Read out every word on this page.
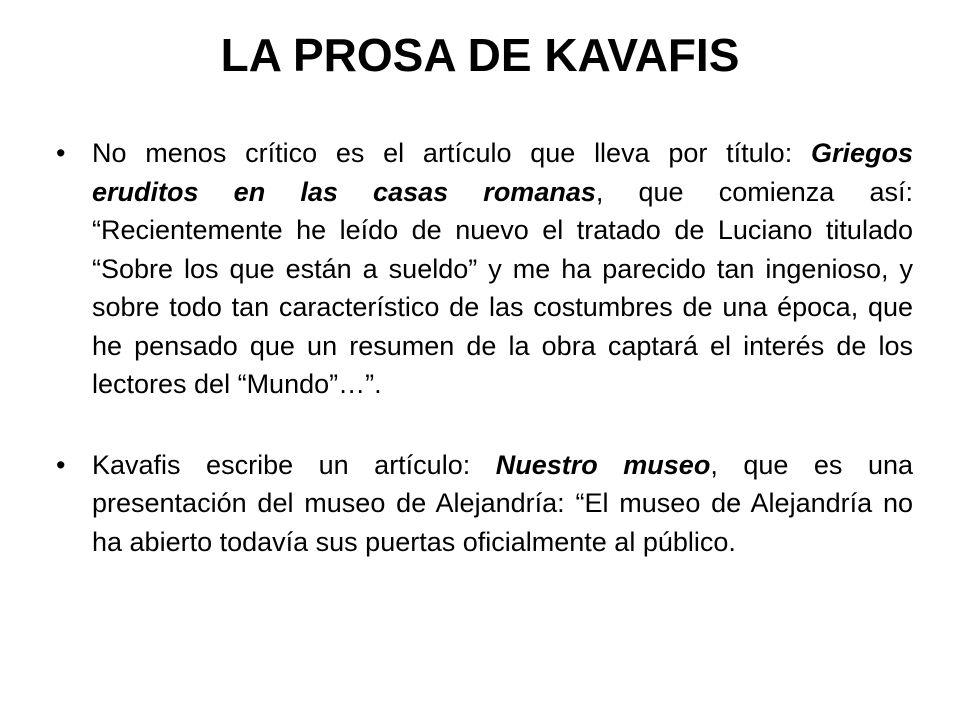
LA PROSA DE KAVAFIS
• No menos crítico es el artículo que lleva por título: Griegos eruditos en las casas romanas, que comienza así: “Recientemente he leído de nuevo el tratado de Luciano titulado “Sobre los que están a sueldo” y me ha parecido tan ingenioso, y sobre todo tan característico de las costumbres de una época, que he pensado que un resumen de la obra captará el interés de los lectores del “Mundo”…”.
• Kavafis escribe un artículo: Nuestro museo, que es una presentación del museo de Alejandría: “El museo de Alejandría no ha abierto todavía sus puertas oficialmente al público.
